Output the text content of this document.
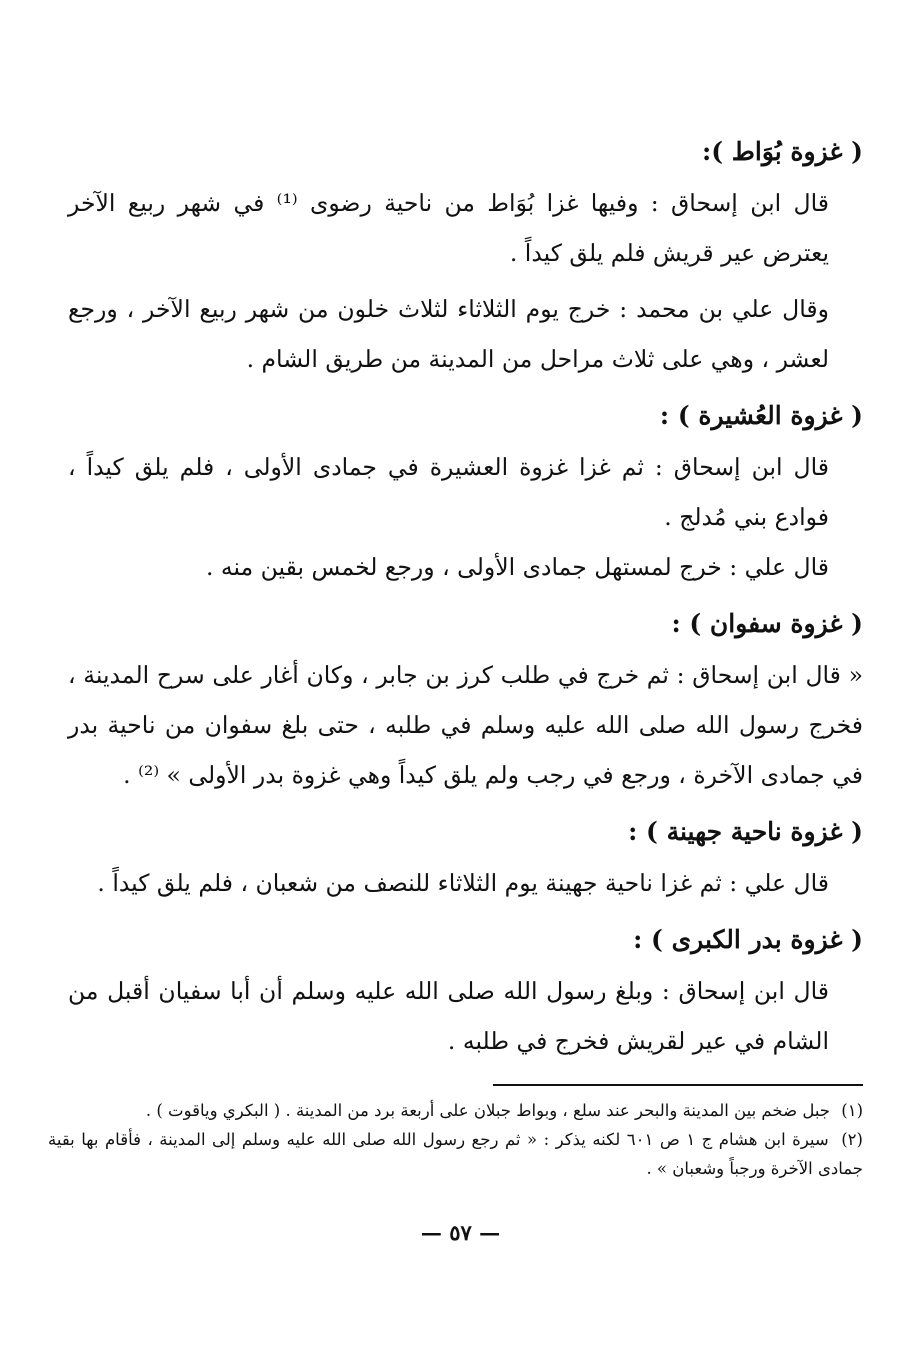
( غزوة بُوَاط ):

قال ابن إسحاق : وفيها غزا بُوَاط من ناحية رضوى ⁽¹⁾ في شهر ربيع الآخر يعترض عير قريش فلم يلق كيداً .

وقال علي بن محمد : خرج يوم الثلاثاء لثلاث خلون من شهر ربيع الآخر ، ورجع لعشر ، وهي على ثلاث مراحل من المدينة من طريق الشام .

( غزوة العُشيرة ) :

قال ابن إسحاق : ثم غزا غزوة العشيرة في جمادى الأولى ، فلم يلق كيداً ، فوادع بني مُدلج .

قال علي : خرج لمستهل جمادى الأولى ، ورجع لخمس بقين منه .

( غزوة سفوان ) :

« قال ابن إسحاق : ثم خرج في طلب كرز بن جابر ، وكان أغار على سرح المدينة ، فخرج رسول الله صلى الله عليه وسلم في طلبه ، حتى بلغ سفوان من ناحية بدر في جمادى الآخرة ، ورجع في رجب ولم يلق كيداً وهي غزوة بدر الأولى » ⁽²⁾ .

( غزوة ناحية جهينة ) :

قال علي : ثم غزا ناحية جهينة يوم الثلاثاء للنصف من شعبان ، فلم يلق كيداً .

( غزوة بدر الكبرى ) :

قال ابن إسحاق : وبلغ رسول الله صلى الله عليه وسلم أن أبا سفيان أقبل من الشام في عير لقريش فخرج في طلبه .

(١) جبل ضخم بين المدينة والبحر عند سلع ، وبواط جبلان على أربعة برد من المدينة . ( البكري وياقوت ) .

(٢) سيرة ابن هشام ج ١ ص ٦٠١ لكنه يذكر : « ثم رجع رسول الله صلى الله عليه وسلم إلى المدينة ، فأقام بها بقية جمادى الآخرة ورجباً وشعبان » .

— ٥٧ —
